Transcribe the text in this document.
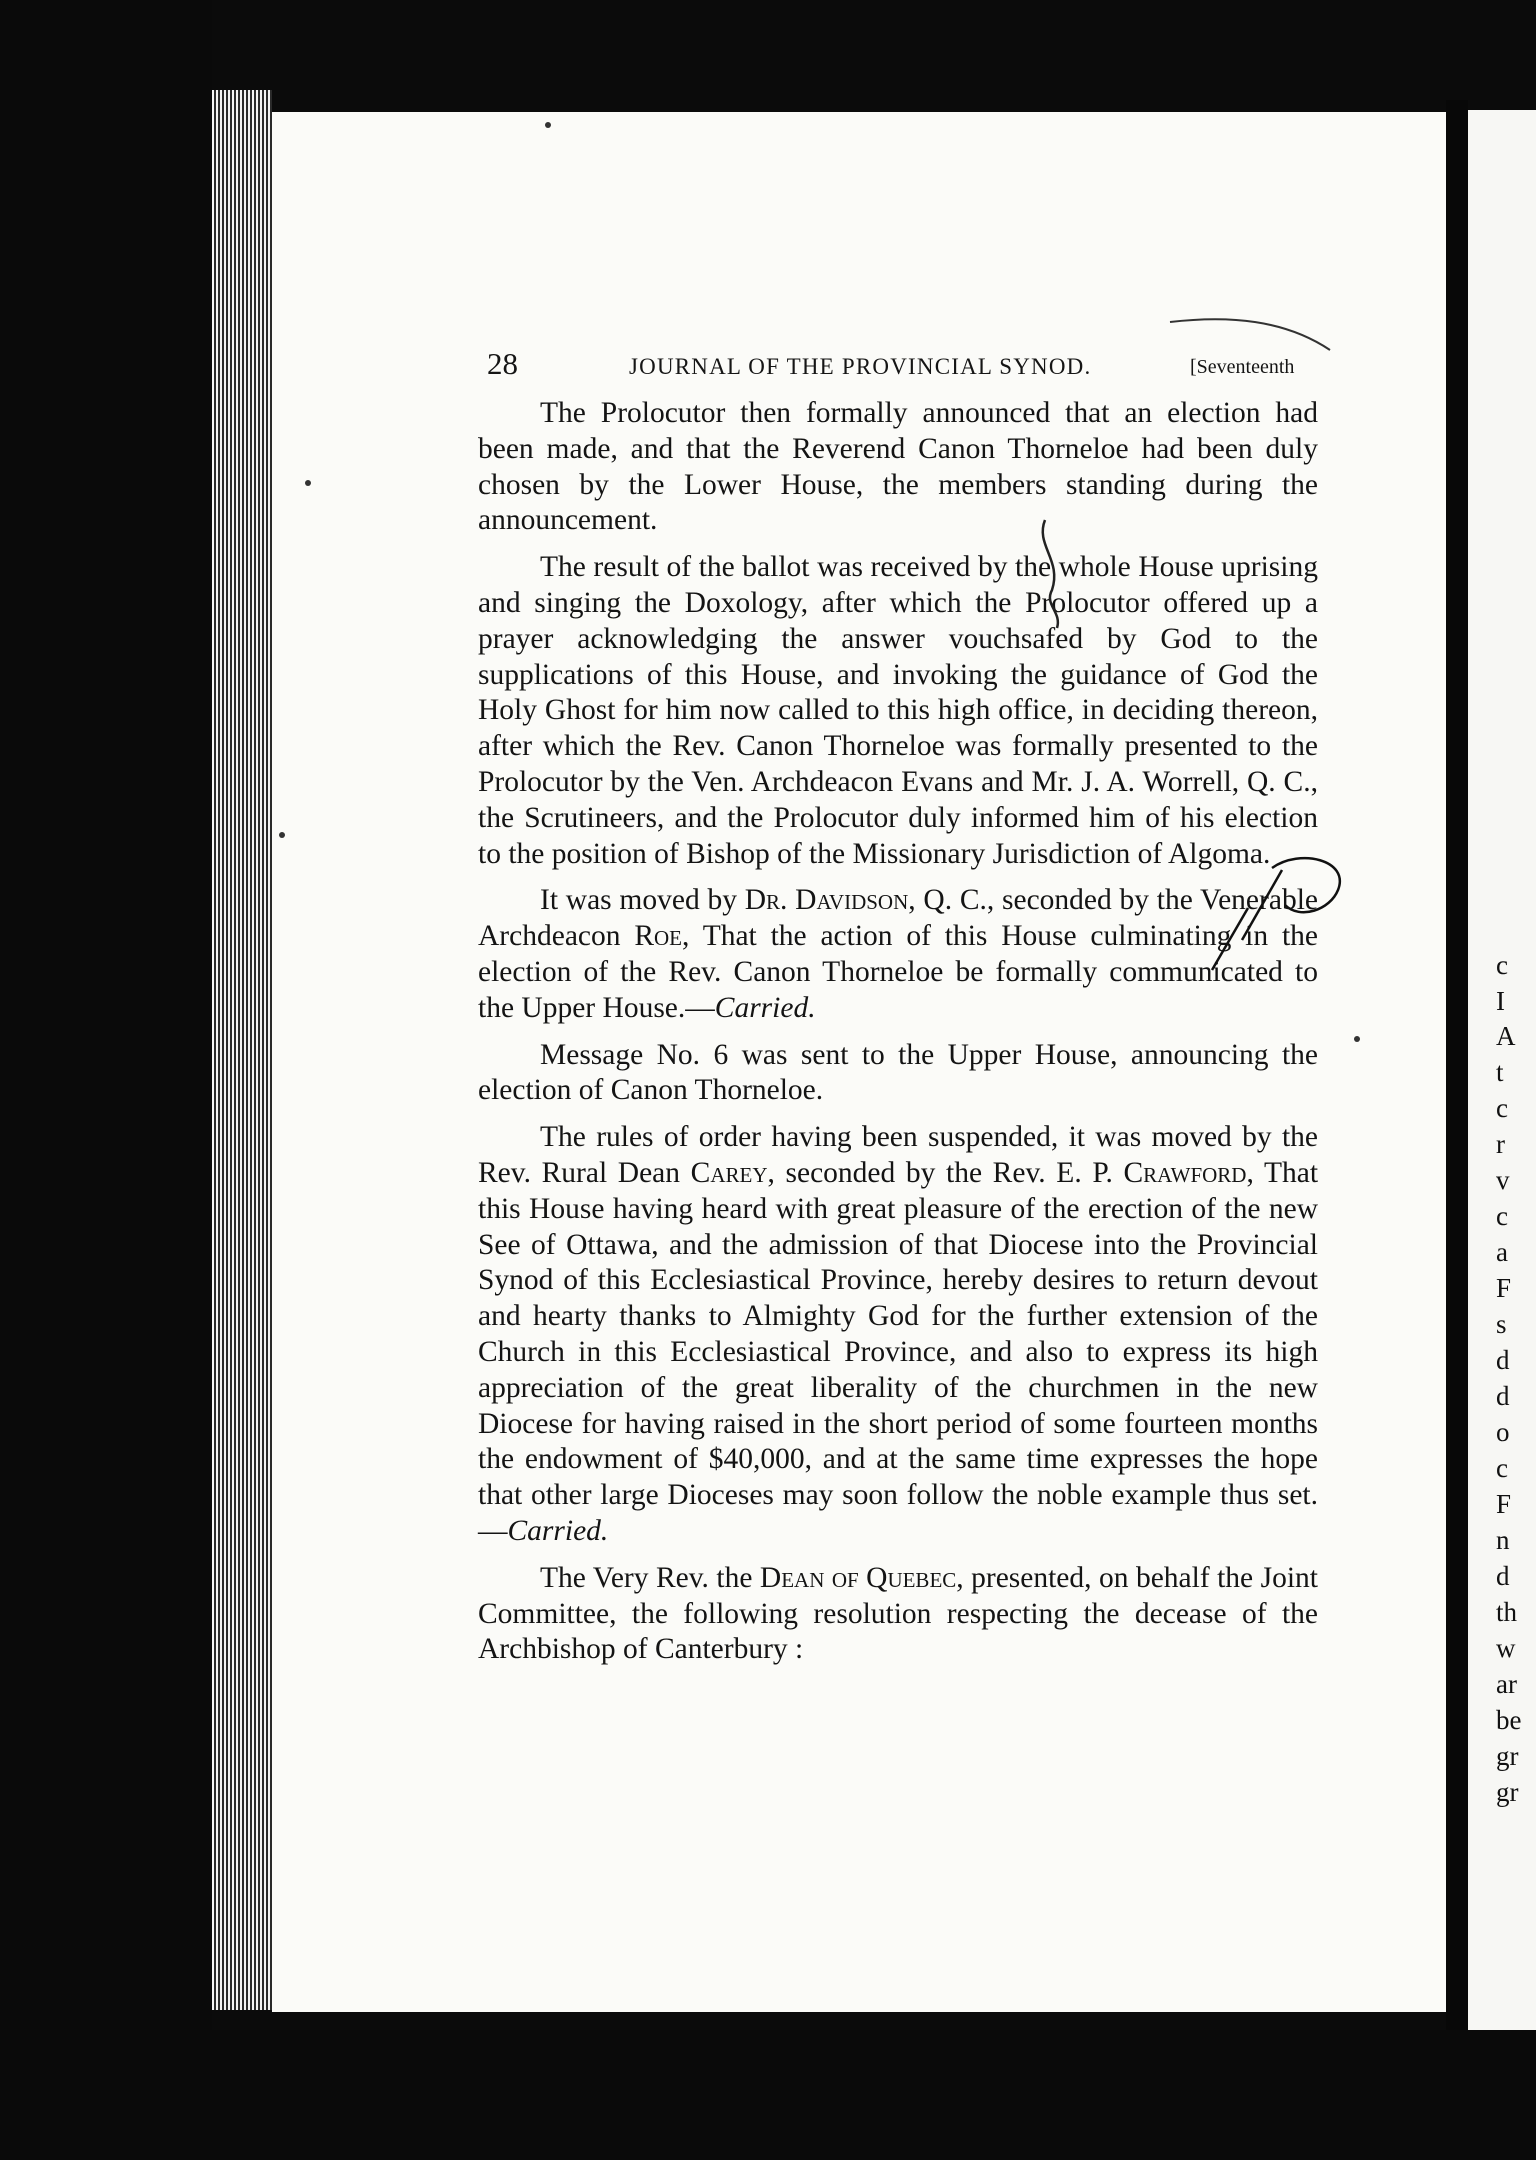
28	JOURNAL OF THE PROVINCIAL SYNOD.	[Seventeenth

The Prolocutor then formally announced that an election had been made, and that the Reverend Canon Thorneloe had been duly chosen by the Lower House, the members standing during the announcement.

The result of the ballot was received by the whole House uprising and singing the Doxology, after which the Prolocutor offered up a prayer acknowledging the answer vouchsafed by God to the supplications of this House, and invoking the guidance of God the Holy Ghost for him now called to this high office, in deciding thereon, after which the Rev. Canon Thorneloe was formally presented to the Prolocutor by the Ven. Archdeacon Evans and Mr. J. A. Worrell, Q. C., the Scrutineers, and the Prolocutor duly informed him of his election to the position of Bishop of the Missionary Jurisdiction of Algoma.

It was moved by Dr. Davidson, Q. C., seconded by the Venerable Archdeacon Roe, That the action of this House culminating in the election of the Rev. Canon Thorneloe be formally communicated to the Upper House.—Carried.

Message No. 6 was sent to the Upper House, announcing the election of Canon Thorneloe.

The rules of order having been suspended, it was moved by the Rev. Rural Dean Carey, seconded by the Rev. E. P. Crawford, That this House having heard with great pleasure of the erection of the new See of Ottawa, and the admission of that Diocese into the Provincial Synod of this Ecclesiastical Province, hereby desires to return devout and hearty thanks to Almighty God for the further extension of the Church in this Ecclesiastical Province, and also to express its high appreciation of the great liberality of the churchmen in the new Diocese for having raised in the short period of some fourteen months the endowment of $40,000, and at the same time expresses the hope that other large Dioceses may soon follow the noble example thus set.—Carried.

The Very Rev. the Dean of Quebec, presented, on behalf the Joint Committee, the following resolution respecting the decease of the Archbishop of Canterbury :

c
I
A
t
c
r
v
c
a
F
s
d
d
o
c
F
n
d
th
w
ar
be
gr
gr
